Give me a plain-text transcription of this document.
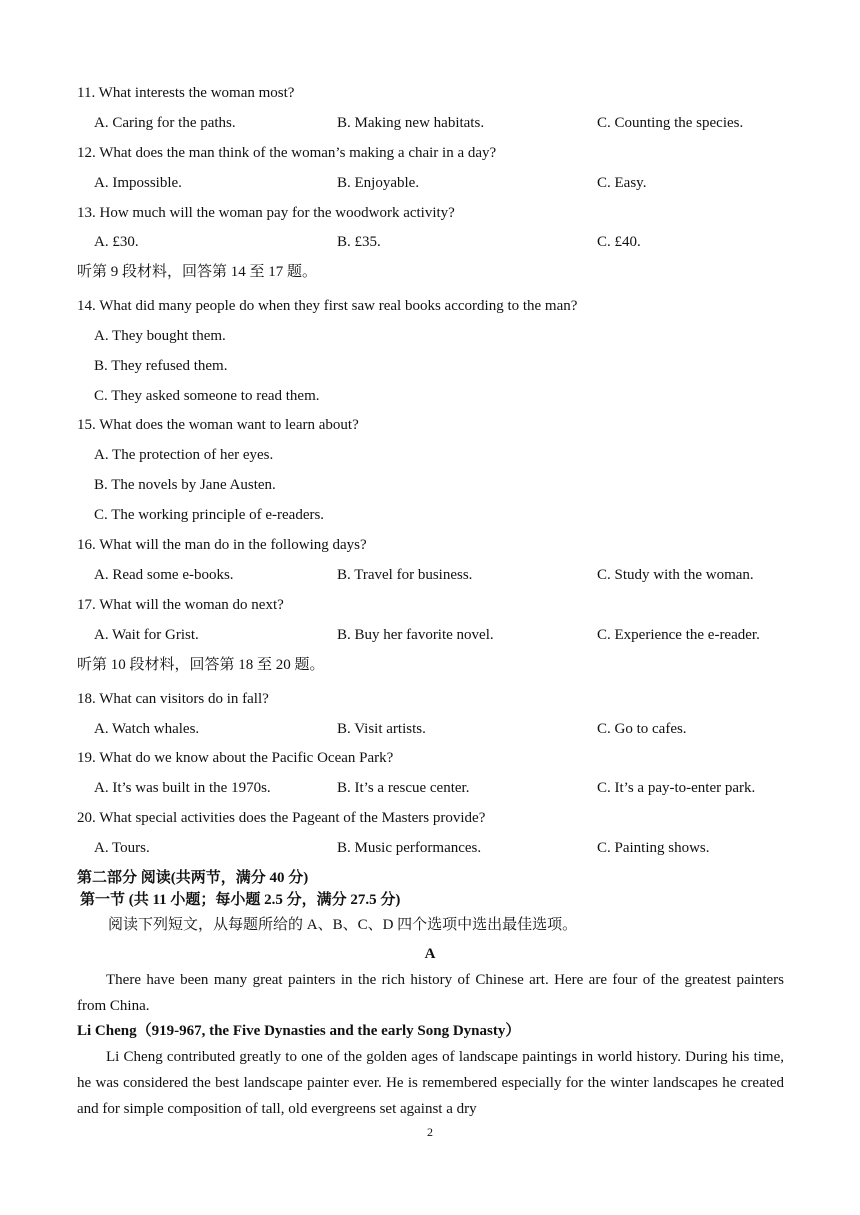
11. What interests the woman most?
A. Caring for the paths.	B. Making new habitats.	C. Counting the species.
12. What does the man think of the woman’s making a chair in a day?
A. Impossible.	B. Enjoyable.	C. Easy.
13. How much will the woman pay for the woodwork activity?
A. £30.	B. £35.	C. £40.
听第 9 段材料，回答第 14 至 17 题。
14. What did many people do when they first saw real books according to the man?
A. They bought them.
B. They refused them.
C. They asked someone to read them.
15. What does the woman want to learn about?
A. The protection of her eyes.
B. The novels by Jane Austen.
C. The working principle of e-readers.
16. What will the man do in the following days?
A. Read some e-books.	B. Travel for business.	C. Study with the woman.
17. What will the woman do next?
A. Wait for Grist.	B. Buy her favorite novel.	C. Experience the e-reader.
听第 10 段材料，回答第 18 至 20 题。
18. What can visitors do in fall?
A. Watch whales.	B. Visit artists.	C. Go to cafes.
19. What do we know about the Pacific Ocean Park?
A. It’s was built in the 1970s.	B. It’s a rescue center.	C. It’s a pay-to-enter park.
20. What special activities does the Pageant of the Masters provide?
A. Tours.	B. Music performances.	C. Painting shows.
第二部分 阅读(共两节，满分 40 分)
第一节 (共 11 小题；每小题 2.5 分，满分 27.5 分)
阅读下列短文，从每题所给的 A、B、C、D 四个选项中选出最佳选项。
A
There have been many great painters in the rich history of Chinese art. Here are four of the greatest painters from China.
Li Cheng（919-967, the Five Dynasties and the early Song Dynasty）
Li Cheng contributed greatly to one of the golden ages of landscape paintings in world history. During his time, he was considered the best landscape painter ever. He is remembered especially for the winter landscapes he created and for simple composition of tall, old evergreens set against a dry
2
